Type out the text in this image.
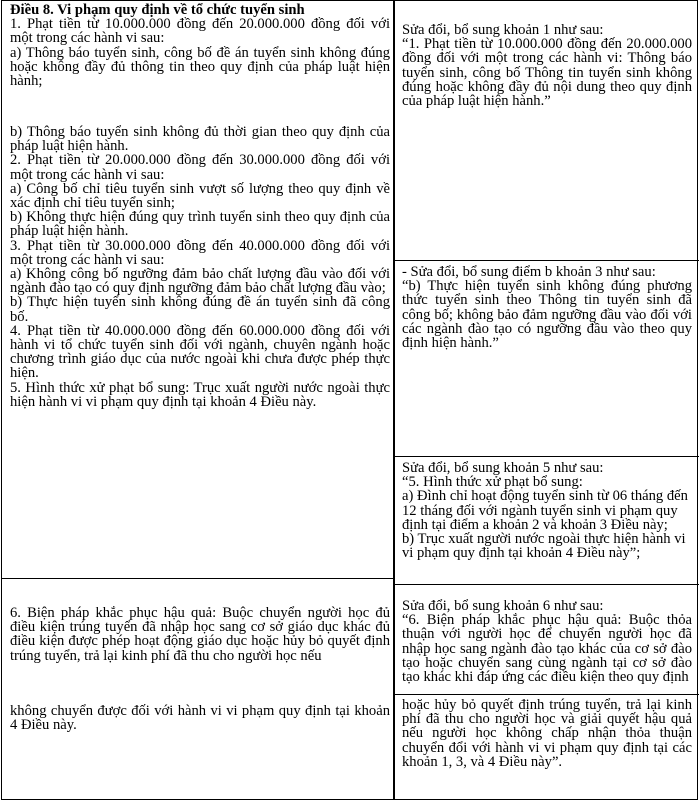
Điều 8. Vi phạm quy định về tổ chức tuyển sinh

1. Phạt tiền từ 10.000.000 đồng đến 20.000.000 đồng đối với một trong các hành vi sau:

a) Thông báo tuyển sinh, công bố đề án tuyển sinh không đúng hoặc không đầy đủ thông tin theo quy định của pháp luật hiện hành;

b) Thông báo tuyển sinh không đủ thời gian theo quy định của pháp luật hiện hành.

2. Phạt tiền từ 20.000.000 đồng đến 30.000.000 đồng đối với một trong các hành vi sau:

a) Công bố chỉ tiêu tuyển sinh vượt số lượng theo quy định về xác định chỉ tiêu tuyển sinh;

b) Không thực hiện đúng quy trình tuyển sinh theo quy định của pháp luật hiện hành.

3. Phạt tiền từ 30.000.000 đồng đến 40.000.000 đồng đối với một trong các hành vi sau:

a) Không công bố ngưỡng đảm bảo chất lượng đầu vào đối với ngành đào tạo có quy định ngưỡng đảm bảo chất lượng đầu vào;

b) Thực hiện tuyển sinh không đúng đề án tuyển sinh đã công bố.

4. Phạt tiền từ 40.000.000 đồng đến 60.000.000 đồng đối với hành vi tổ chức tuyển sinh đối với ngành, chuyên ngành hoặc chương trình giáo dục của nước ngoài khi chưa được phép thực hiện.

5. Hình thức xử phạt bổ sung: Trục xuất người nước ngoài thực hiện hành vi vi phạm quy định tại khoản 4 Điều này.

6. Biện pháp khắc phục hậu quả: Buộc chuyển người học đủ điều kiện trúng tuyển đã nhập học sang cơ sở giáo dục khác đủ điều kiện được phép hoạt động giáo dục hoặc hủy bỏ quyết định trúng tuyển, trả lại kinh phí đã thu cho người học nếu

không chuyển được đối với hành vi vi phạm quy định tại khoản 4 Điều này.

Sửa đổi, bổ sung khoản 1 như sau:

“1. Phạt tiền từ 10.000.000 đồng đến 20.000.000 đồng đối với một trong các hành vi: Thông báo tuyển sinh, công bố Thông tin tuyển sinh không đúng hoặc không đầy đủ nội dung theo quy định của pháp luật hiện hành.”

- Sửa đổi, bổ sung điểm b khoản 3 như sau:

“b) Thực hiện tuyển sinh không đúng phương thức tuyển sinh theo Thông tin tuyển sinh đã công bố; không bảo đảm ngưỡng đầu vào đối với các ngành đào tạo có ngưỡng đầu vào theo quy định hiện hành.”

Sửa đổi, bổ sung khoản 5 như sau:

“5. Hình thức xử phạt bổ sung:

a) Đình chỉ hoạt động tuyển sinh từ 06 tháng đến 12 tháng đối với ngành tuyển sinh vi phạm quy định tại điểm a khoản 2 và khoản 3 Điều này;

b) Trục xuất người nước ngoài thực hiện hành vi vi phạm quy định tại khoản 4 Điều này”;

Sửa đổi, bổ sung khoản 6 như sau:

“6. Biện pháp khắc phục hậu quả: Buộc thỏa thuận với người học để chuyển người học đã nhập học sang ngành đào tạo khác của cơ sở đào tạo hoặc chuyển sang cùng ngành tại cơ sở đào tạo khác khi đáp ứng các điều kiện theo quy định

hoặc hủy bỏ quyết định trúng tuyển, trả lại kinh phí đã thu cho người học và giải quyết hậu quả nếu người học không chấp nhận thỏa thuận chuyển đổi với hành vi vi phạm quy định tại các khoản 1, 3, và 4 Điều này”.
